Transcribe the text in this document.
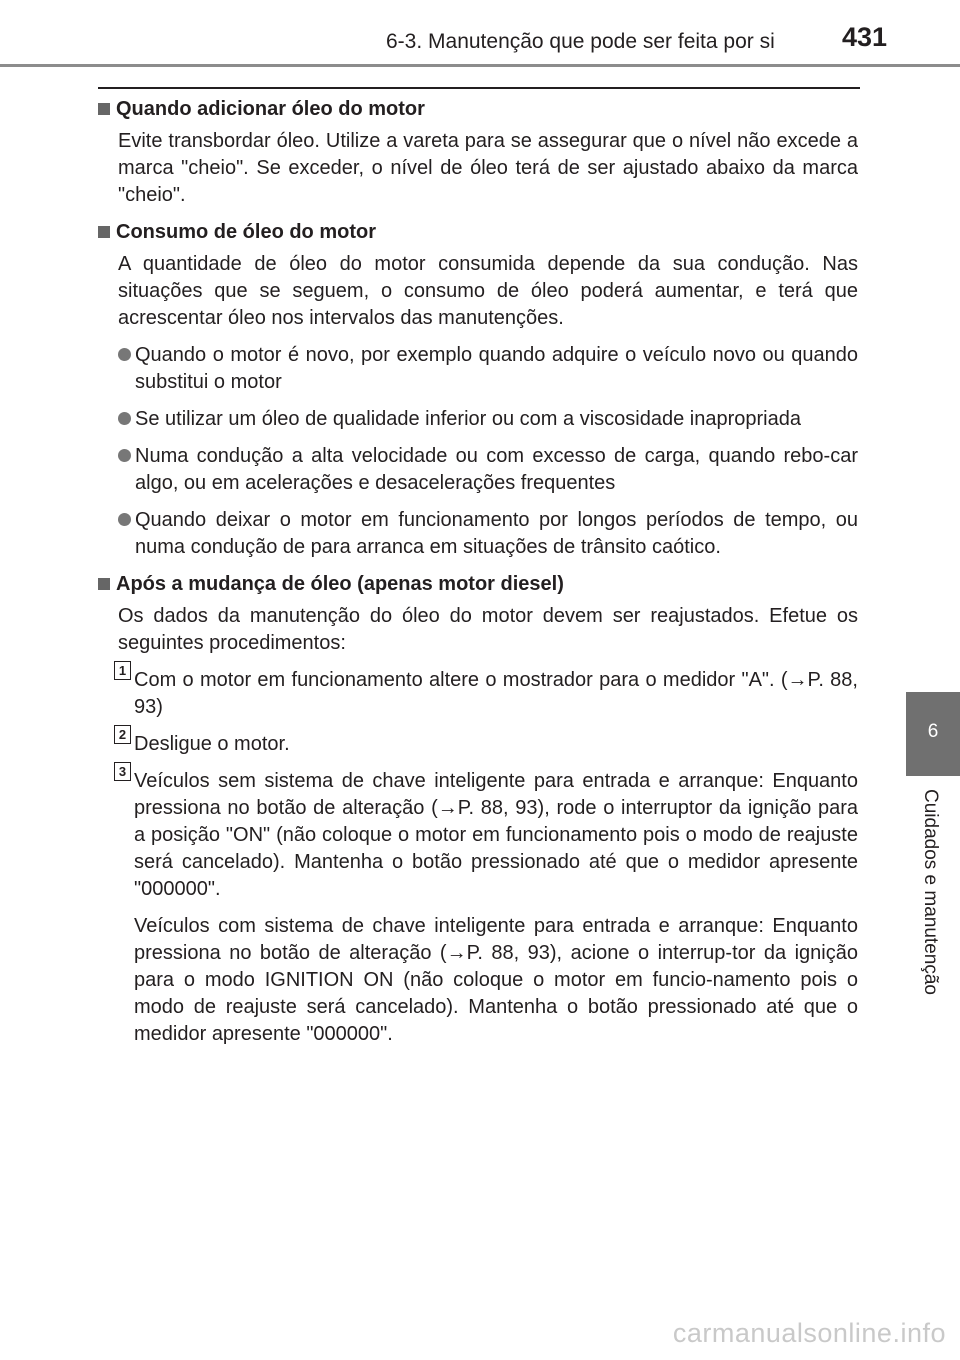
6-3. Manutenção que pode ser feita por si 431
6
Cuidados e manutenção

Quando adicionar óleo do motor

Evite transbordar óleo. Utilize a vareta para se assegurar que o nível não excede a marca "cheio". Se exceder, o nível de óleo terá de ser ajustado abaixo da marca "cheio".

Consumo de óleo do motor

A quantidade de óleo do motor consumida depende da sua condução. Nas situações que se seguem, o consumo de óleo poderá aumentar, e terá que acrescentar óleo nos intervalos das manutenções.

Quando o motor é novo, por exemplo quando adquire o veículo novo ou quando substitui o motor
Se utilizar um óleo de qualidade inferior ou com a viscosidade inapropriada
Numa condução a alta velocidade ou com excesso de carga, quando rebo-car algo, ou em acelerações e desacelerações frequentes
Quando deixar o motor em funcionamento por longos períodos de tempo, ou numa condução de para arranca em situações de trânsito caótico.

Após a mudança de óleo (apenas motor diesel)

Os dados da manutenção do óleo do motor devem ser reajustados. Efetue os seguintes procedimentos:

1 Com o motor em funcionamento altere o mostrador para o medidor "A". (→P. 88, 93)

2 Desligue o motor.

3 Veículos sem sistema de chave inteligente para entrada e arranque: Enquanto pressiona no botão de alteração (→P. 88, 93), rode o interruptor da ignição para a posição "ON" (não coloque o motor em funcionamento pois o modo de reajuste será cancelado). Mantenha o botão pressionado até que o medidor apresente "000000".

Veículos com sistema de chave inteligente para entrada e arranque: Enquanto pressiona no botão de alteração (→P. 88, 93), acione o interrup-tor da ignição para o modo IGNITION ON (não coloque o motor em funcio-namento pois o modo de reajuste será cancelado). Mantenha o botão pressionado até que o medidor apresente "000000".

carmanualsonline.info
